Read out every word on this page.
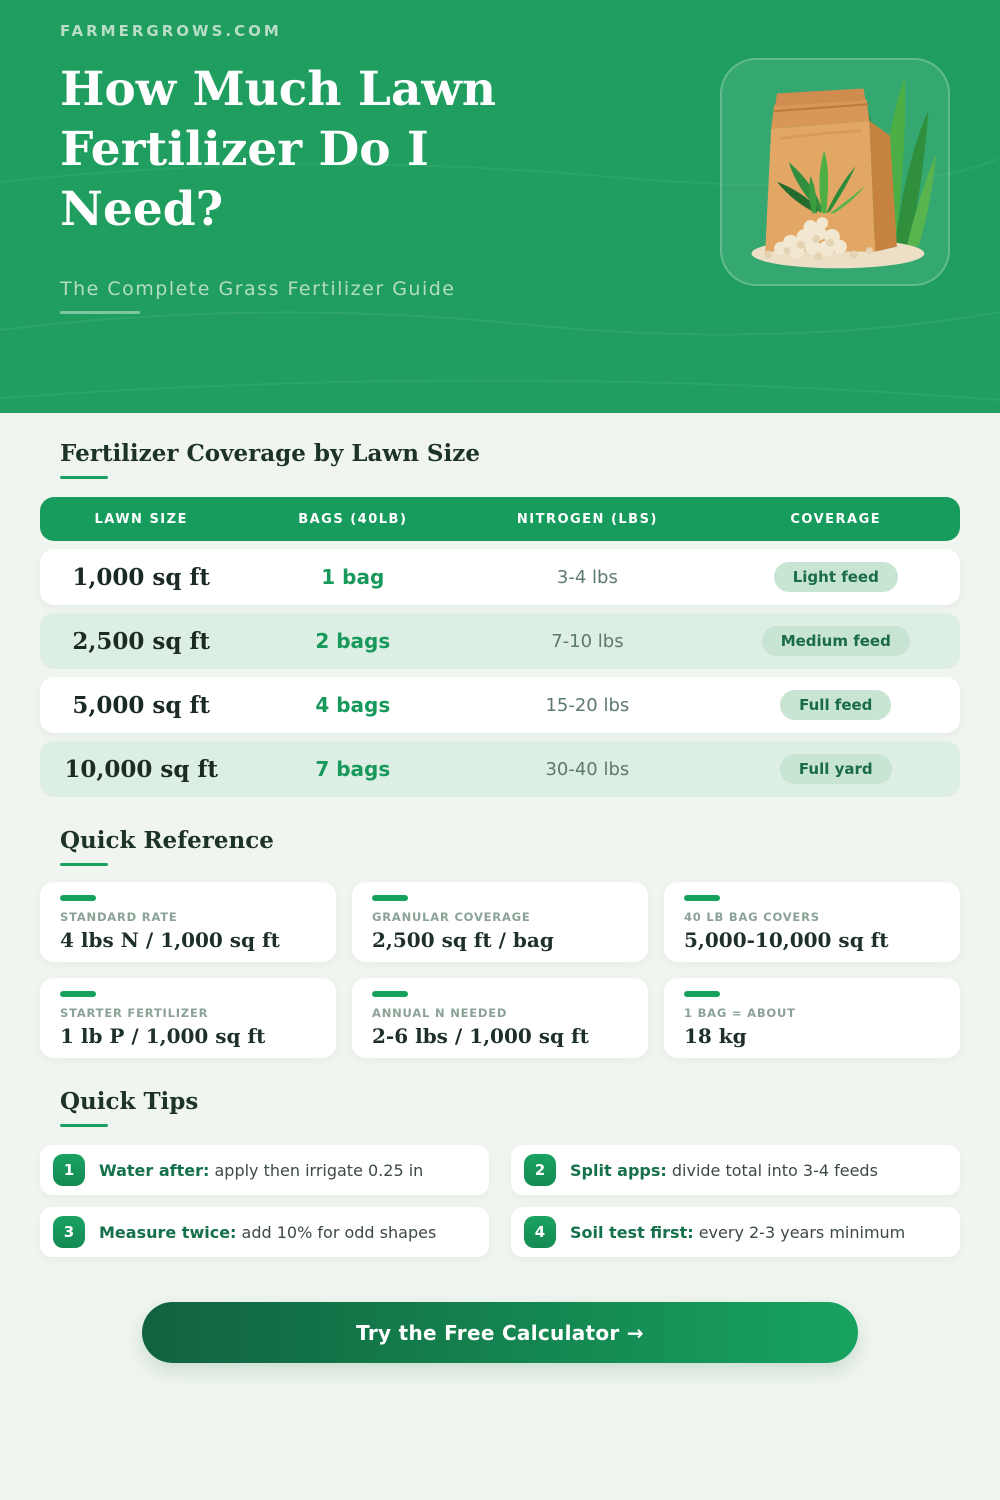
FARMERGROWS.COM
How Much Lawn
Fertilizer Do I
Need?
The Complete Grass Fertilizer Guide
Fertilizer Coverage by Lawn Size
LAWN SIZE	BAGS (40LB)	NITROGEN (LBS)	COVERAGE
1,000 sq ft	1 bag	3-4 lbs	Light feed
2,500 sq ft	2 bags	7-10 lbs	Medium feed
5,000 sq ft	4 bags	15-20 lbs	Full feed
10,000 sq ft	7 bags	30-40 lbs	Full yard
Quick Reference
STANDARD RATE
4 lbs N / 1,000 sq ft
GRANULAR COVERAGE
2,500 sq ft / bag
40 LB BAG COVERS
5,000-10,000 sq ft
STARTER FERTILIZER
1 lb P / 1,000 sq ft
ANNUAL N NEEDED
2-6 lbs / 1,000 sq ft
1 BAG = ABOUT
18 kg
Quick Tips
1	Water after: apply then irrigate 0.25 in	2	Split apps: divide total into 3-4 feeds
3	Measure twice: add 10% for odd shapes	4	Soil test first: every 2-3 years minimum
Try the Free Calculator →
